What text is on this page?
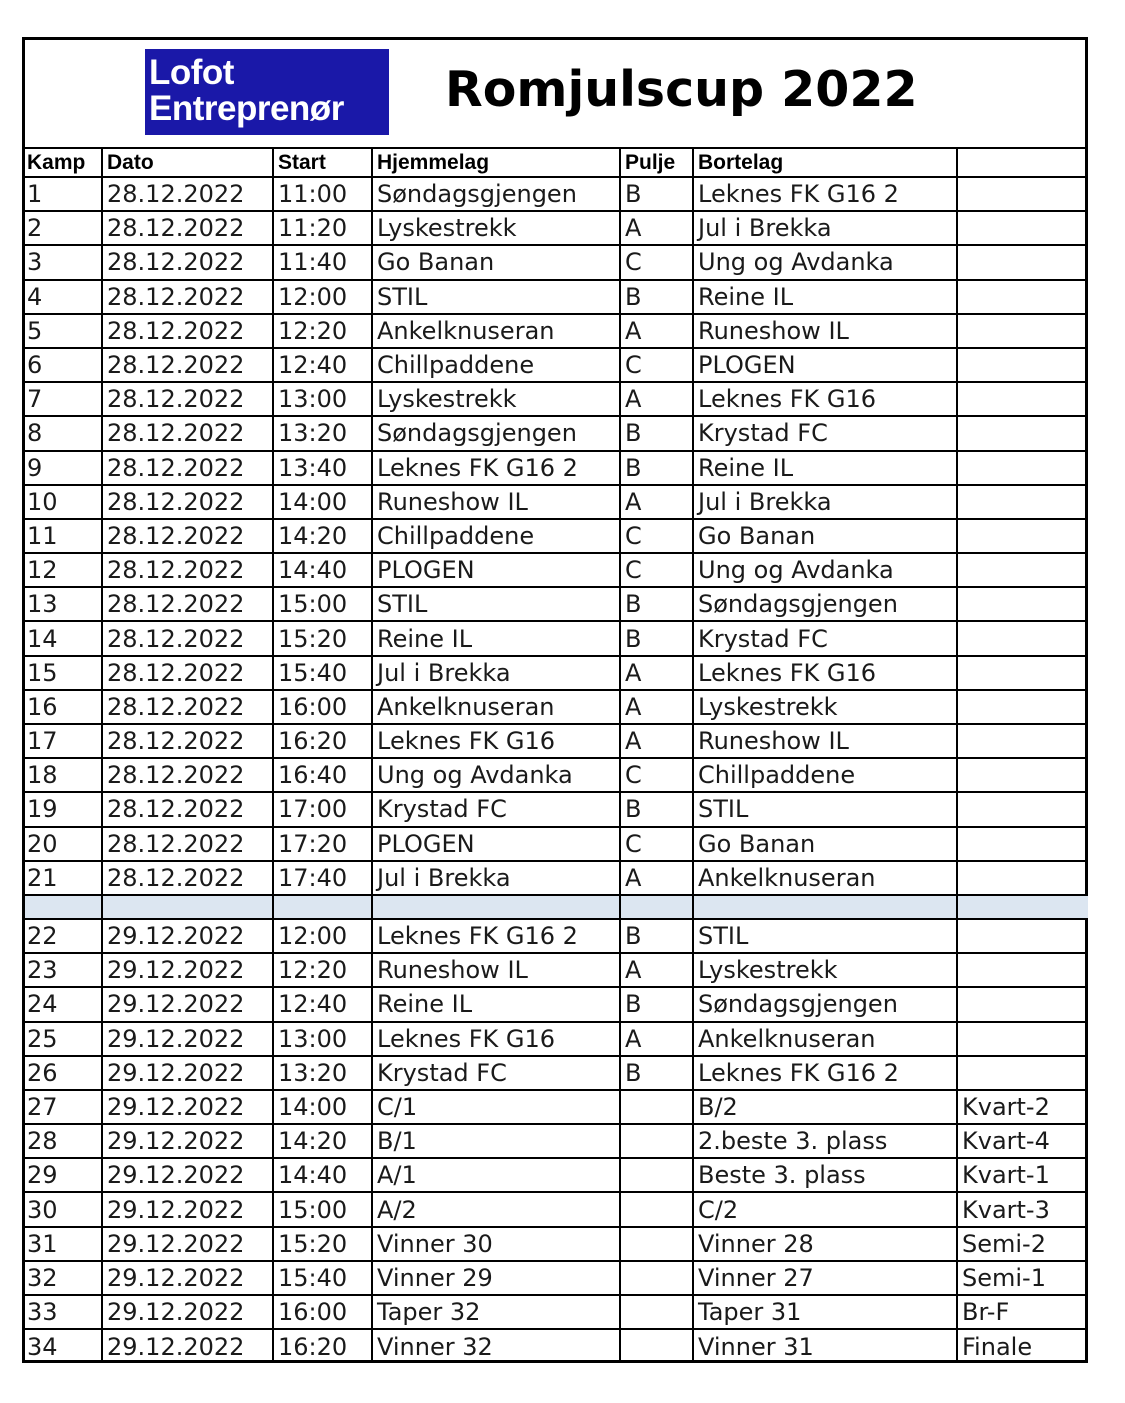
Lofot
Entreprenør	Romjulscup 2022
Kamp	Dato	Start	Hjemmelag	Pulje	Bortelag	
1	28.12.2022	11:00	Søndagsgjengen	B	Leknes FK G16 2	
2	28.12.2022	11:20	Lyskestrekk	A	Jul i Brekka	
3	28.12.2022	11:40	Go Banan	C	Ung og Avdanka	
4	28.12.2022	12:00	STIL	B	Reine IL	
5	28.12.2022	12:20	Ankelknuseran	A	Runeshow IL	
6	28.12.2022	12:40	Chillpaddene	C	PLOGEN	
7	28.12.2022	13:00	Lyskestrekk	A	Leknes FK G16	
8	28.12.2022	13:20	Søndagsgjengen	B	Krystad FC	
9	28.12.2022	13:40	Leknes FK G16 2	B	Reine IL	
10	28.12.2022	14:00	Runeshow IL	A	Jul i Brekka	
11	28.12.2022	14:20	Chillpaddene	C	Go Banan	
12	28.12.2022	14:40	PLOGEN	C	Ung og Avdanka	
13	28.12.2022	15:00	STIL	B	Søndagsgjengen	
14	28.12.2022	15:20	Reine IL	B	Krystad FC	
15	28.12.2022	15:40	Jul i Brekka	A	Leknes FK G16	
16	28.12.2022	16:00	Ankelknuseran	A	Lyskestrekk	
17	28.12.2022	16:20	Leknes FK G16	A	Runeshow IL	
18	28.12.2022	16:40	Ung og Avdanka	C	Chillpaddene	
19	28.12.2022	17:00	Krystad FC	B	STIL	
20	28.12.2022	17:20	PLOGEN	C	Go Banan	
21	28.12.2022	17:40	Jul i Brekka	A	Ankelknuseran	

22	29.12.2022	12:00	Leknes FK G16 2	B	STIL	
23	29.12.2022	12:20	Runeshow IL	A	Lyskestrekk	
24	29.12.2022	12:40	Reine IL	B	Søndagsgjengen	
25	29.12.2022	13:00	Leknes FK G16	A	Ankelknuseran	
26	29.12.2022	13:20	Krystad FC	B	Leknes FK G16 2	
27	29.12.2022	14:00	C/1		B/2	Kvart-2
28	29.12.2022	14:20	B/1		2.beste 3. plass	Kvart-4
29	29.12.2022	14:40	A/1		Beste 3. plass	Kvart-1
30	29.12.2022	15:00	A/2		C/2	Kvart-3
31	29.12.2022	15:20	Vinner 30		Vinner 28	Semi-2
32	29.12.2022	15:40	Vinner 29		Vinner 27	Semi-1
33	29.12.2022	16:00	Taper 32		Taper 31	Br-F
34	29.12.2022	16:20	Vinner 32		Vinner 31	Finale
